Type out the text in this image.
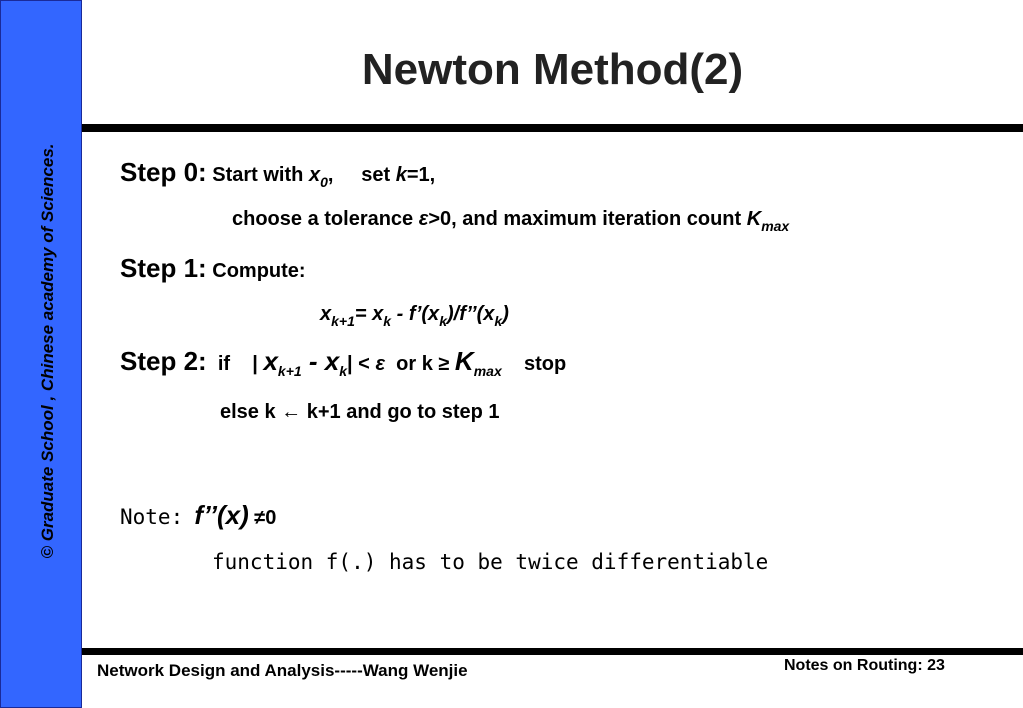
© Graduate School , Chinese academy of Sciences.
Newton Method(2)
Step 0: Start with $x_0$, set k=1,
choose a tolerance ε>0, and maximum iteration count $K_{max}$
Step 1: Compute:
$x_{k+1}= x_k$ - $f’(x_k)/f’’(x_k)$
Step 2: if | $x_{k+1} - x_k| < \varepsilon$ or $k \ge K_{max}$ stop
else k ← k+1 and go to step 1
Note: f’’(x) ≠0
function f(.) has to be twice differentiable
Network Design and Analysis-----Wang Wenjie	Notes on Routing: 23
